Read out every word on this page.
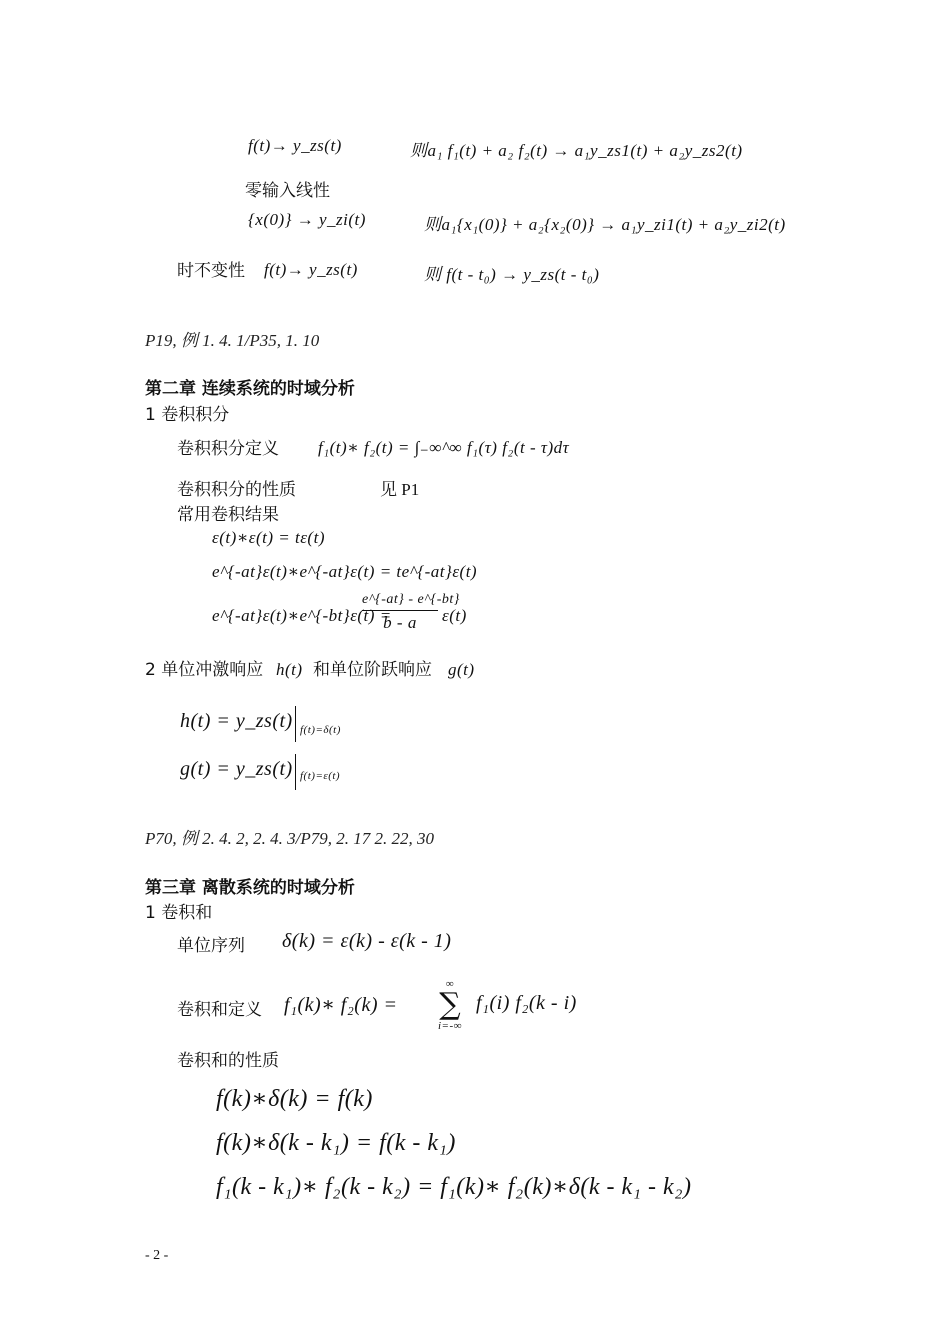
f(t)→ y_zs(t)	则a₁ f₁(t) + a₂ f₂(t) → a₁y_zs1(t) + a₂y_zs2(t)
零输入线性
{x(0)} → y_zi(t)	则a₁{x₁(0)} + a₂{x₂(0)} → a₁y_zi1(t) + a₂y_zi2(t)
时不变性 f(t)→ y_zs(t)	则 f(t - t₀) → y_zs(t - t₀)
P19, 例 1. 4. 1/P35, 1. 10
第二章 连续系统的时域分析
1 卷积积分
卷积积分定义 f₁(t)∗ f₂(t) = ∫₋∞^∞ f₁(τ) f₂(t - τ)dτ
卷积积分的性质	见 P1
常用卷积结果
ε(t)∗ε(t) = tε(t)
e^{-at}ε(t)∗e^{-at}ε(t) = te^{-at}ε(t)
e^{-at}ε(t)∗e^{-bt}ε(t) =
e^{-at} - e^{-bt}
b - a	ε(t)
2 单位冲激响应 h(t) 和单位阶跃响应 g(t)
h(t) = y_zs(t) f(t)=δ(t)
g(t) = y_zs(t) f(t)=ε(t)
P70, 例 2. 4. 2, 2. 4. 3/P79, 2. 17 2. 22, 30
第三章 离散系统的时域分析
1 卷积和
单位序列 δ(k) = ε(k) - ε(k - 1)
卷积和定义 f₁(k)∗ f₂(k) =
∞
∑
i=-∞
f₁(i) f₂(k - i)
卷积和的性质
f(k)∗δ(k) = f(k)
f(k)∗δ(k - k₁) = f(k - k₁)
f₁(k - k₁)∗ f₂(k - k₂) = f₁(k)∗ f₂(k)∗δ(k - k₁ - k₂)
- 2 -
